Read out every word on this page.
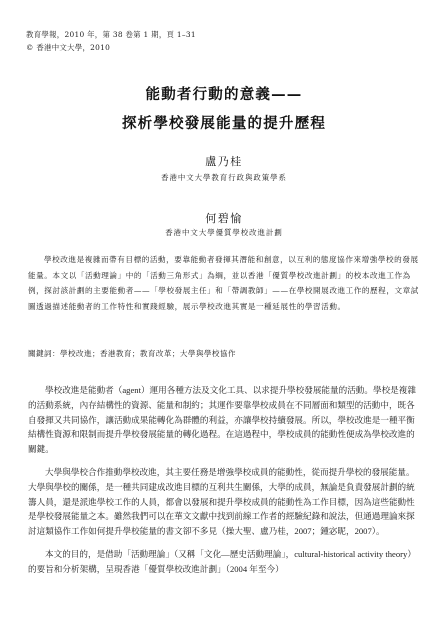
教育學報，2010 年，第 38 卷第 1 期，頁 1–31
© 香港中文大學，2010
能動者行動的意義——
探析學校發展能量的提升歷程
盧乃桂
香港中文大學教育行政與政策學系
何碧愉
香港中文大學優質學校改進計劃

學校改進是複雜而帶有目標的活動，要靠能動者發揮其潛能和創意，以互利的態度協作來增強學校的發展能量。本文以「活動理論」中的「活動三角形式」為綱，並以香港「優質學校改進計劃」的校本改進工作為例，探討該計劃的主要能動者——「學校發展主任」和「帶調教師」——在學校開展改進工作的歷程，文章試圖透過描述能動者的工作特性和實踐經驗，展示學校改進其實是一種延展性的學習活動。

關鍵詞：學校改進；香港教育；教育改革；大學與學校協作

學校改進是能動者（agent）運用各種方法及文化工具、以求提升學校發展能量的活動。學校是複雜的活動系統，內存結構性的資源、能量和制約；其運作要靠學校成員在不同層面和類型的活動中，既各自發揮又共同協作，讓活動成果能轉化為群體的利益，亦讓學校持續發展。所以，學校改進是一種平衡結構性資源和限制而提升學校發展能量的轉化過程。在這過程中，學校成員的能動性便成為學校改進的關鍵。

大學與學校合作推動學校改進，其主要任務是增強學校成員的能動性，從而提升學校的發展能量。大學與學校的關係，是一種共同建成改進目標的互利共生關係，大學的成員，無論是負責發展計劃的統籌人員，還是派進學校工作的人員，都會以發展和提升學校成員的能動性為工作目標，因為這些能動性是學校發展能量之本。雖然我們可以在華文文獻中找到前線工作者的經驗紀錄和說法，但通過理論來探討這類協作工作如何提升學校能量的書文卻不多見（操大聖、盧乃桂，2007；鍾宓昵，2007）。

本文的目的，是借助「活動理論」（又稱「文化—歷史活動理論」，cultural-historical activity theory）的要旨和分析架構，呈現香港「優質學校改進計劃」（2004 年至今）
